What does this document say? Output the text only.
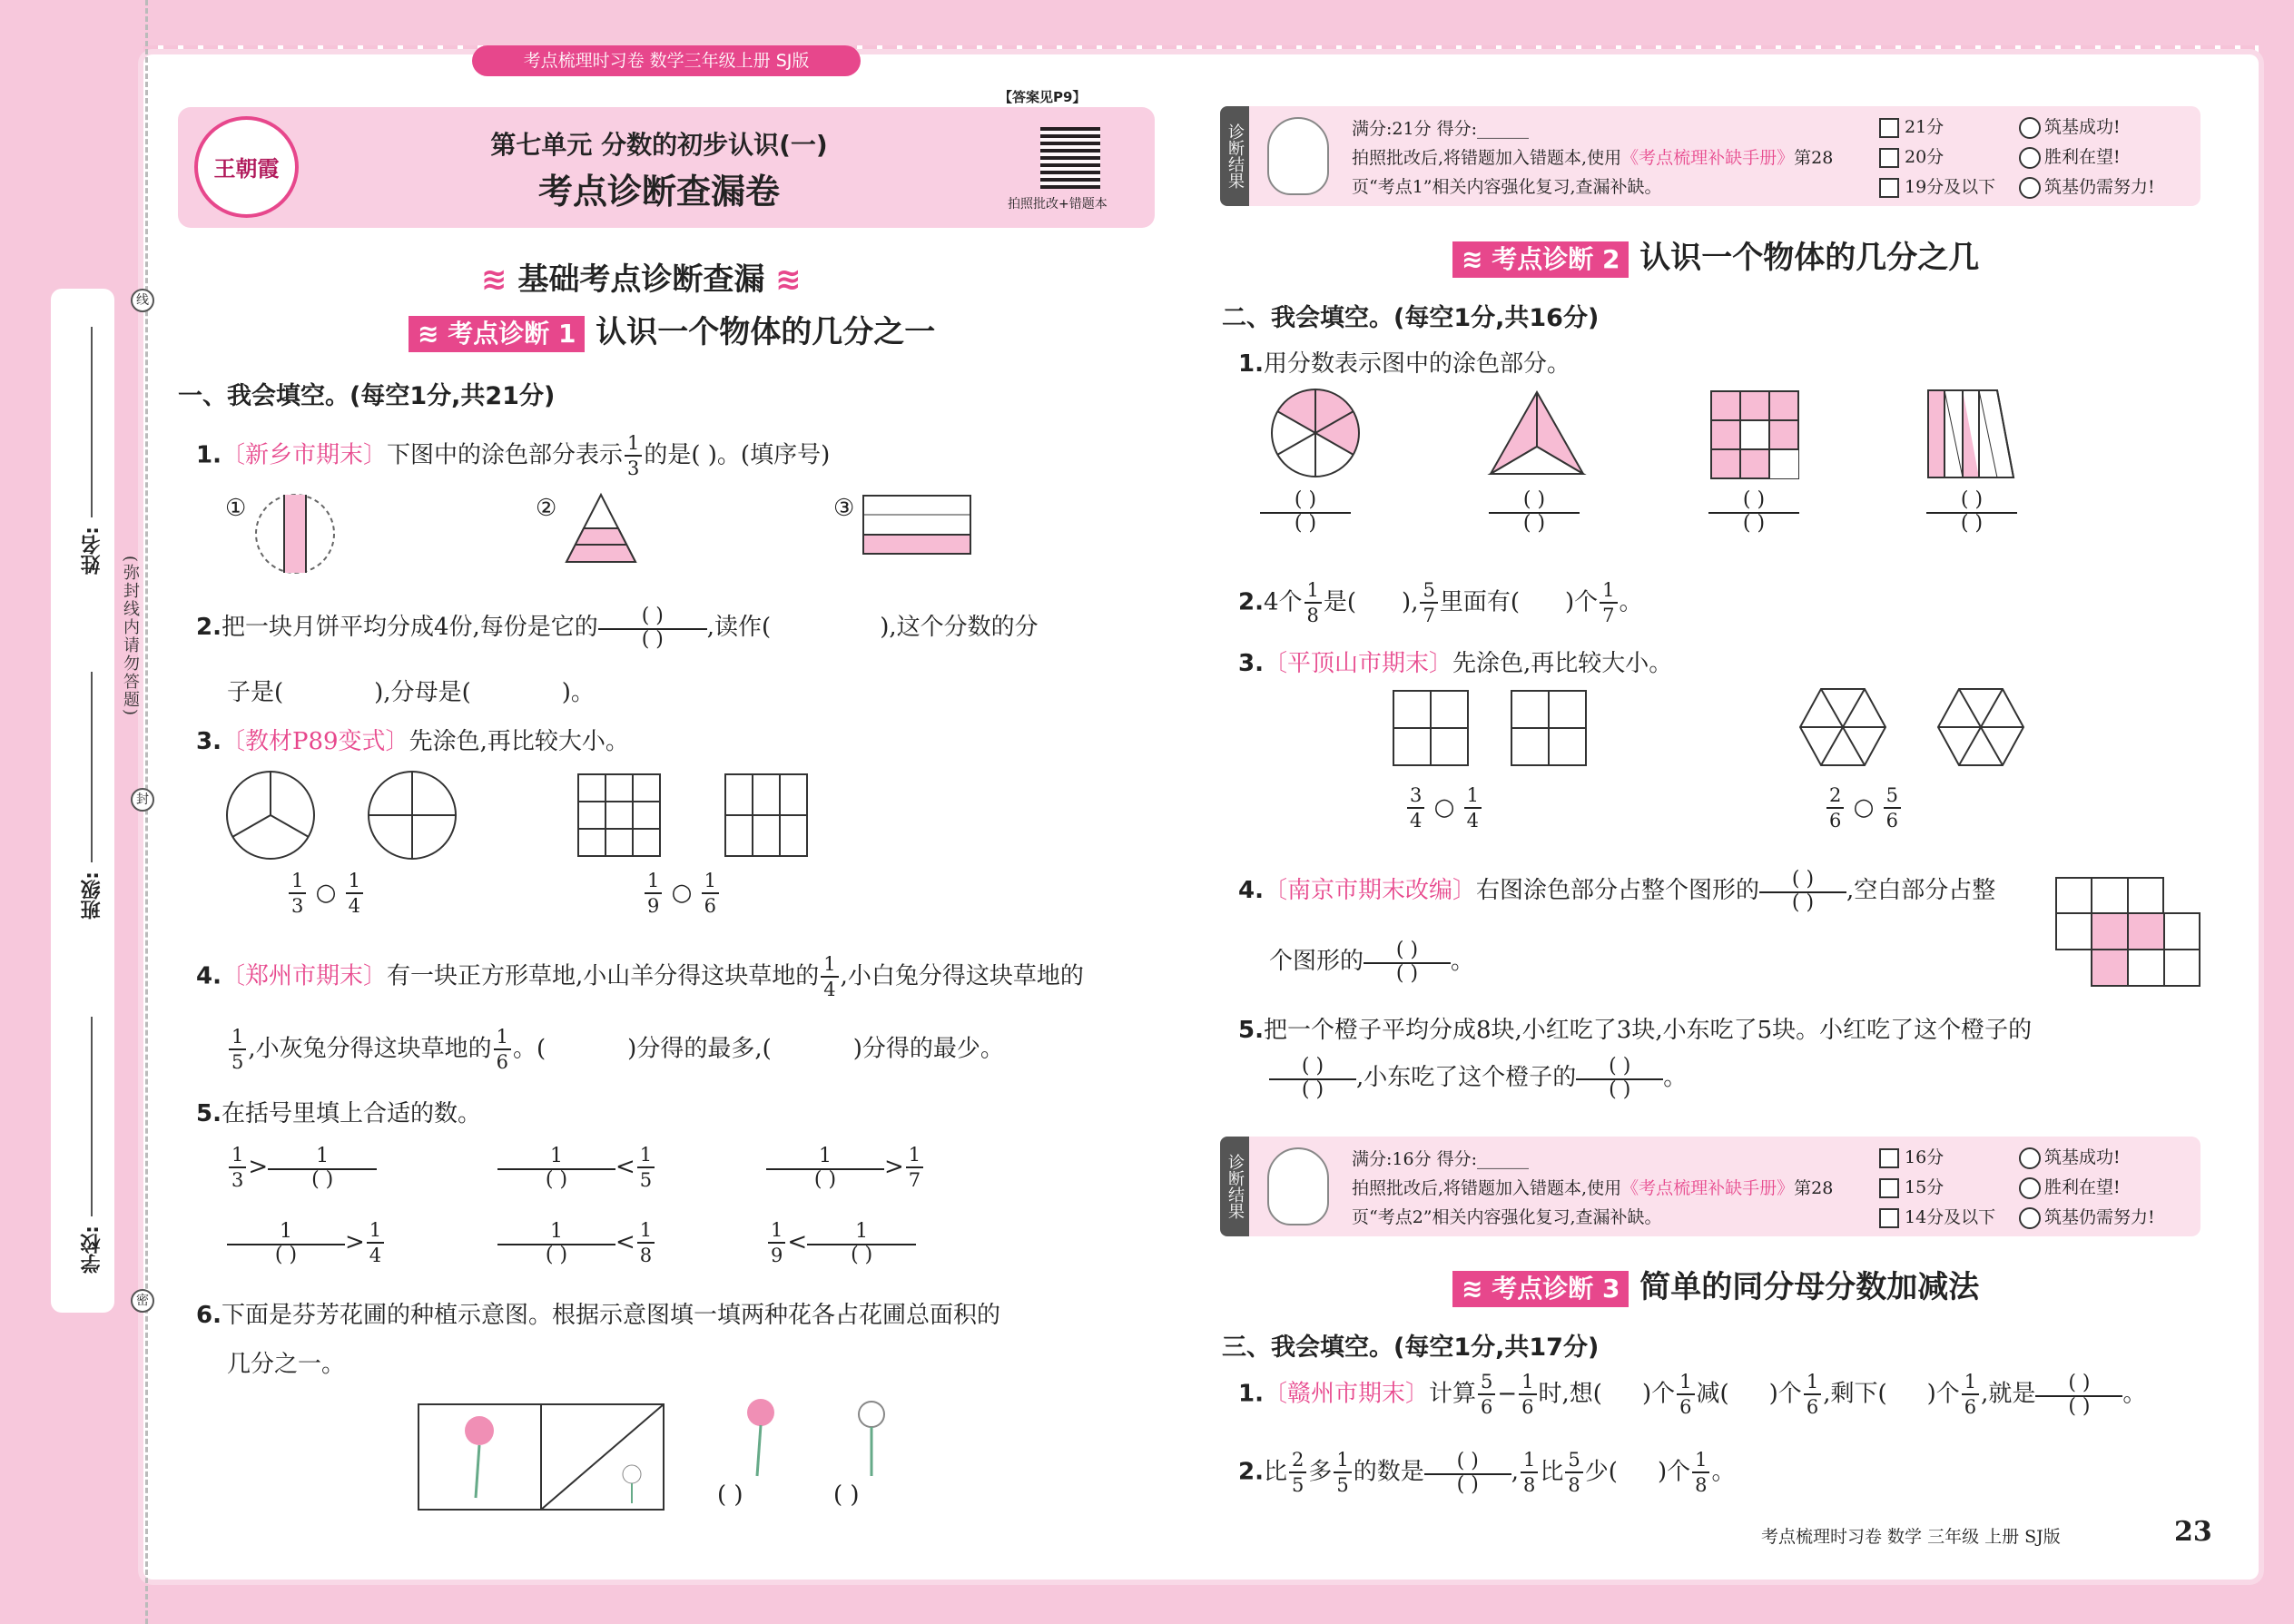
姓名:
班级:
学校:
(弥封线内请勿答题)
线
封
密
考点梳理时习卷 数学三年级上册 SJ版
王朝霞
第七单元 分数的初步认识(一)
考点诊断查漏卷
【答案见P9】
拍照批改+错题本
≋ 基础考点诊断查漏 ≋
≋ 考点诊断 1 认识一个物体的几分之一
一、我会填空。(每空1分,共21分)
1.〔新乡市期末〕下图中的涂色部分表示 $\frac{1}{3}$ 的是( )。(填序号)
①	②	③
2.把一块月饼平均分成4份,每份是它的	( )
( )	,读作(	),这个分数的分
子是(	),分母是(	)。
3.〔教材P89变式〕先涂色,再比较大小。
$\frac{1}{3}$ ○ $\frac{1}{4}$	$\frac{1}{9}$ ○ $\frac{1}{6}$
4.〔郑州市期末〕有一块正方形草地,小山羊分得这块草地的 $\frac{1}{4}$ ,小白兔分得这块草地的
$\frac{1}{5}$ ,小灰兔分得这块草地的 $\frac{1}{6}$ 。(	)分得的最多,(	)分得的最少。
5.在括号里填上合适的数。
$\frac{1}{3}$ >	1
( )
1
( )	< $\frac{1}{5}$	1
( )	> $\frac{1}{7}$
1
( )	> $\frac{1}{4}$	1
( )	< $\frac{1}{8}$	$\frac{1}{9}$ <	1
( )
6.下面是芬芳花圃的种植示意图。根据示意图填一填两种花各占花圃总面积的
几分之一。
( )	( )
诊断结果	满分:21分 得分:______
拍照批改后,将错题加入错题本,使用《考点梳理补缺手册》第28
页“考点1”相关内容强化复习,查漏补缺。
21分
20分
19分及以下
筑基成功!
胜利在望!
筑基仍需努力!
≋ 考点诊断 2 认识一个物体的几分之几
二、我会填空。(每空1分,共16分)
1.用分数表示图中的涂色部分。
( )
( )
( )
( )
( )
( )
( )
( )
2.4个 $\frac{1}{8}$ 是( ), $\frac{5}{7}$ 里面有( )个 $\frac{1}{7}$ 。
3.〔平顶山市期末〕先涂色,再比较大小。
$\frac{3}{4}$ ○ $\frac{1}{4}$	$\frac{2}{6}$ ○ $\frac{5}{6}$
4.〔南京市期末改编〕右图涂色部分占整个图形的	( )
( )	,空白部分占整
个图形的	( )
( )	。
5.把一个橙子平均分成8块,小红吃了3块,小东吃了5块。小红吃了这个橙子的
( )
( )	,小东吃了这个橙子的	( )
( )	。
诊断结果	满分:16分 得分:______
拍照批改后,将错题加入错题本,使用《考点梳理补缺手册》第28
页“考点2”相关内容强化复习,查漏补缺。
16分
15分
14分及以下
筑基成功!
胜利在望!
筑基仍需努力!
≋ 考点诊断 3 简单的同分母分数加减法
三、我会填空。(每空1分,共17分)
1.〔赣州市期末〕计算 $\frac{5}{6} - \frac{1}{6}$ 时,想( )个 $\frac{1}{6}$ 减( )个 $\frac{1}{6}$ ,剩下( )个 $\frac{1}{6}$ ,就是	( )
( )	。
2.比 $\frac{2}{5}$ 多 $\frac{1}{5}$ 的数是	( )
( )	, $\frac{1}{8}$ 比 $\frac{5}{8}$ 少( )个 $\frac{1}{8}$ 。
考点梳理时习卷 数学 三年级 上册 SJ版	23
